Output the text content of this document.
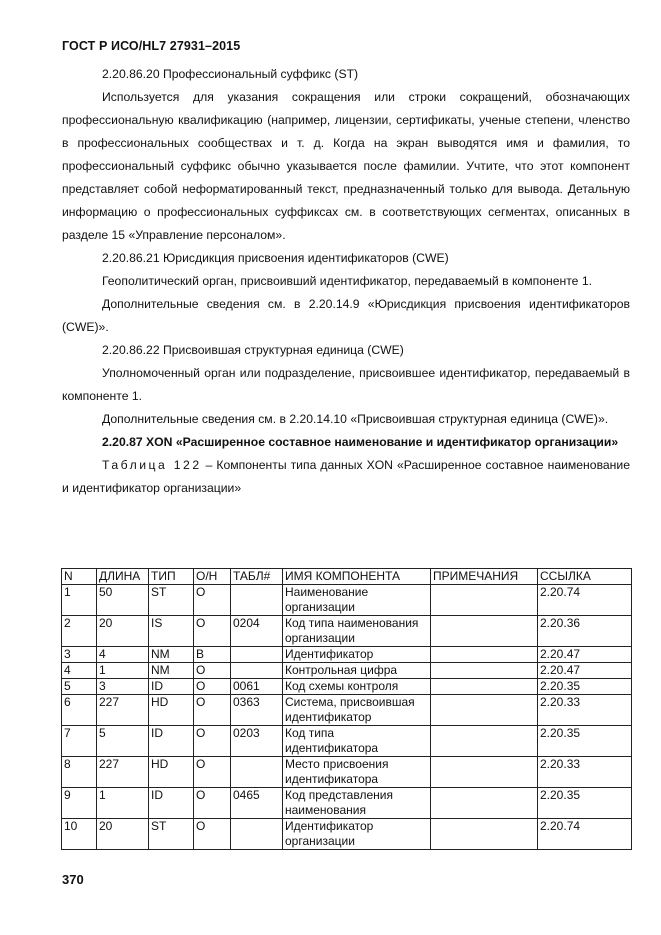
ГОСТ Р ИСО/HL7 27931–2015

2.20.86.20 Профессиональный суффикс (ST)

Используется для указания сокращения или строки сокращений, обозначающих профессиональную квалификацию (например, лицензии, сертификаты, ученые степени, членство в профессиональных сообществах и т. д. Когда на экран выводятся имя и фамилия, то профессиональный суффикс обычно указывается после фамилии. Учтите, что этот компонент представляет собой неформатированный текст, предназначенный только для вывода. Детальную информацию о профессиональных суффиксах см. в соответствующих сегментах, описанных в разделе 15 «Управление персоналом».

2.20.86.21 Юрисдикция присвоения идентификаторов (CWE)

Геополитический орган, присвоивший идентификатор, передаваемый в компоненте 1.

Дополнительные сведения см. в 2.20.14.9 «Юрисдикция присвоения идентификаторов (CWE)».

2.20.86.22 Присвоившая структурная единица (CWE)

Уполномоченный орган или подразделение, присвоившее идентификатор, передаваемый в компоненте 1.

Дополнительные сведения см. в 2.20.14.10 «Присвоившая структурная единица (CWE)».

2.20.87 XON «Расширенное составное наименование и идентификатор организации»

Таблица 122 – Компоненты типа данных XON «Расширенное составное наименование и идентификатор организации»

N	ДЛИНА	ТИП	О/Н	ТАБЛ#	ИМЯ КОМПОНЕНТА	ПРИМЕЧАНИЯ	ССЫЛКА
1	50	ST	O		Наименование организации		2.20.74
2	20	IS	O	0204	Код типа наименования организации		2.20.36
3	4	NM	B		Идентификатор		2.20.47
4	1	NM	O		Контрольная цифра		2.20.47
5	3	ID	O	0061	Код схемы контроля		2.20.35
6	227	HD	O	0363	Система, присвоившая идентификатор		2.20.33
7	5	ID	O	0203	Код типа идентификатора		2.20.35
8	227	HD	O		Место присвоения идентификатора		2.20.33
9	1	ID	O	0465	Код представления наименования		2.20.35
10	20	ST	O		Идентификатор организации		2.20.74
370
